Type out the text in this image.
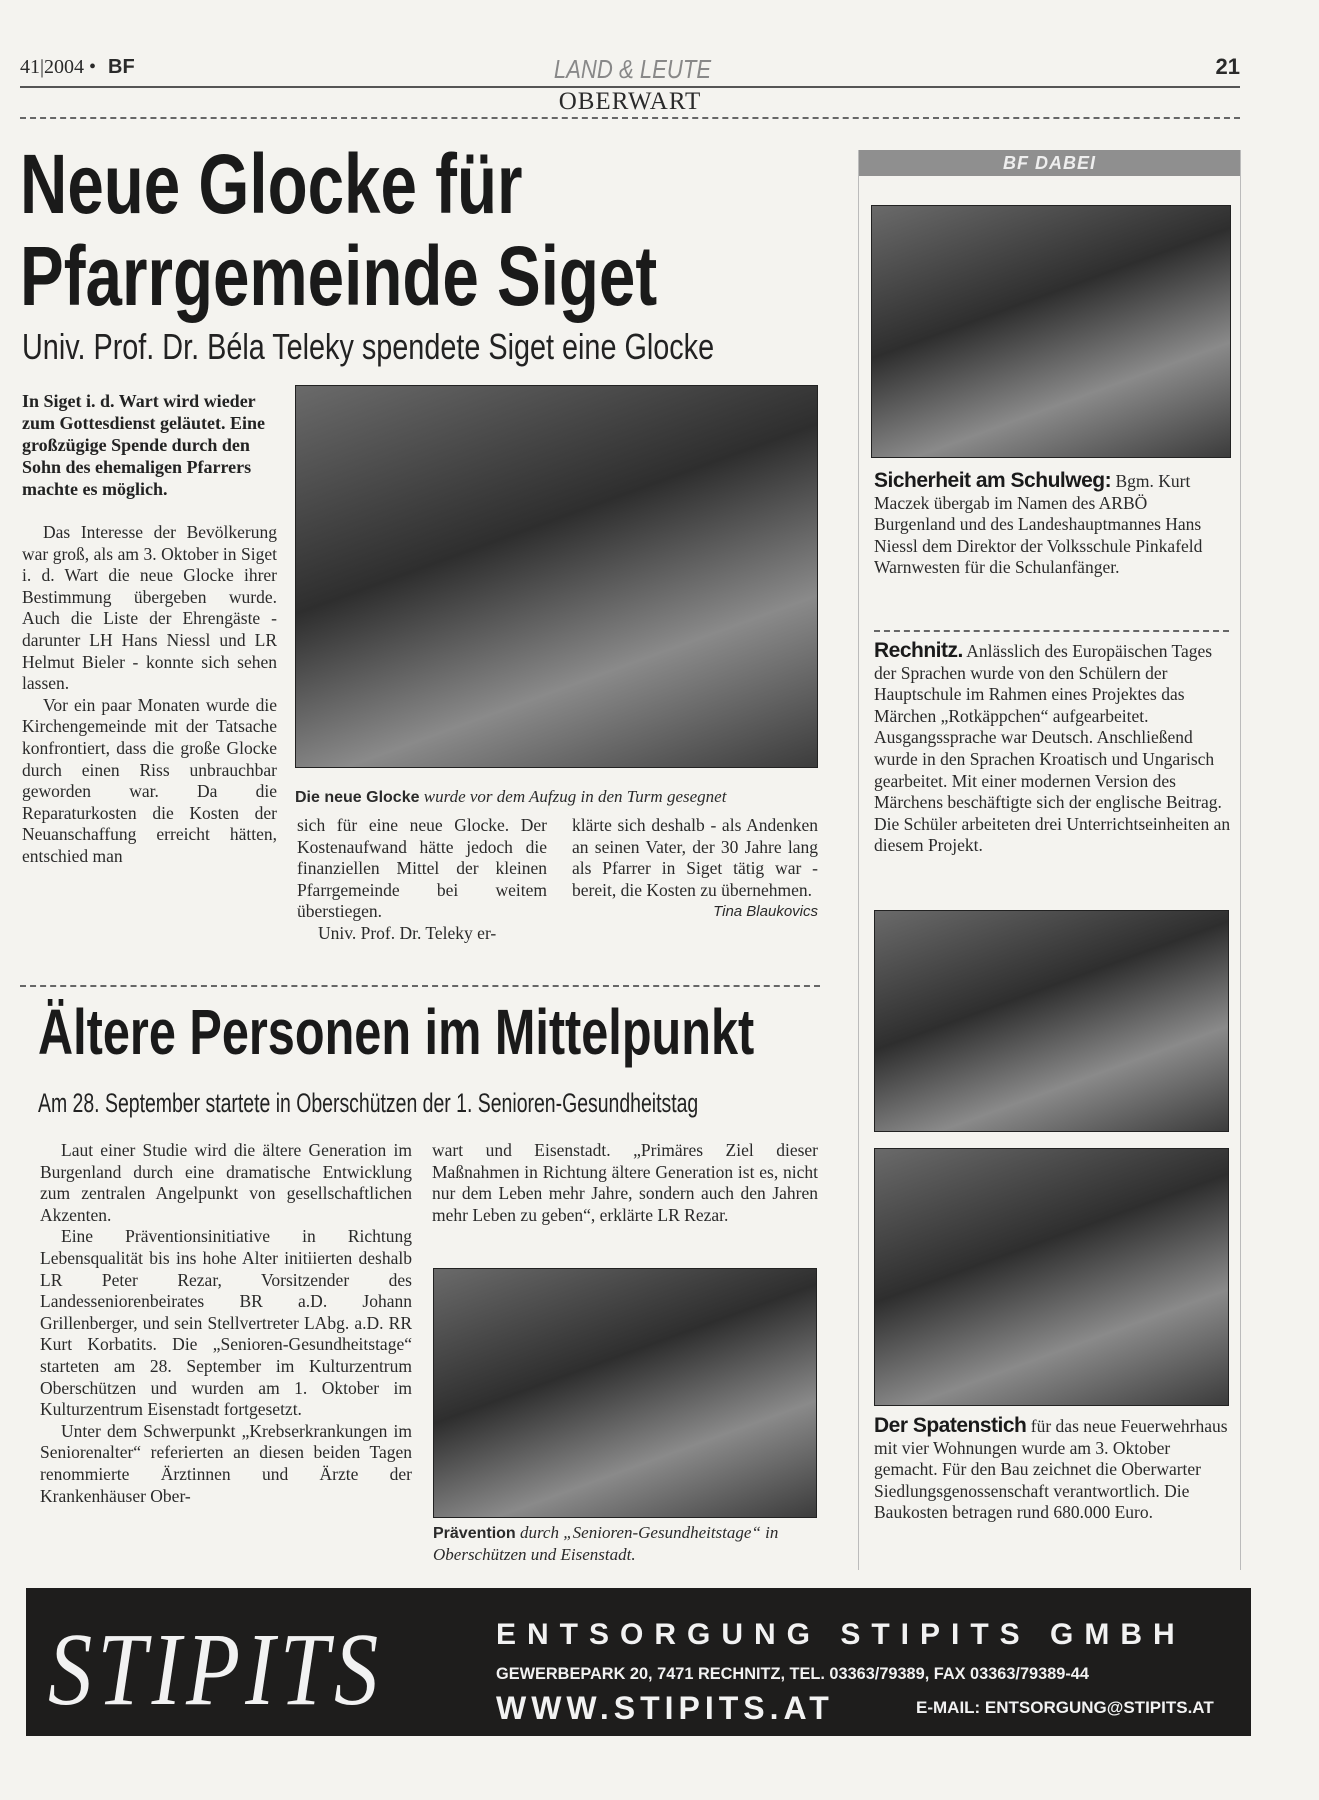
41|2004 • BF	LAND & LEUTE	21
OBERWART
Neue Glocke für
Pfarrgemeinde Siget
Univ. Prof. Dr. Béla Teleky spendete Siget eine Glocke

In Siget i. d. Wart wird wieder zum Gottesdienst geläutet. Eine großzügige Spende durch den Sohn des ehemaligen Pfarrers machte es möglich.

Das Interesse der Bevölkerung war groß, als am 3. Oktober in Siget i. d. Wart die neue Glocke ihrer Bestimmung übergeben wurde. Auch die Liste der Ehrengäste - darunter LH Hans Niessl und LR Helmut Bieler - konnte sich sehen lassen.

Vor ein paar Monaten wurde die Kirchengemeinde mit der Tatsache konfrontiert, dass die große Glocke durch einen Riss unbrauchbar geworden war. Da die Reparaturkosten die Kosten der Neuanschaffung erreicht hätten, entschied man

Die neue Glocke wurde vor dem Aufzug in den Turm gesegnet
sich für eine neue Glocke. Der Kostenaufwand hätte jedoch die finanziellen Mittel der kleinen Pfarrgemeinde bei weitem überstiegen.

Univ. Prof. Dr. Teleky er-

klärte sich deshalb - als Andenken an seinen Vater, der 30 Jahre lang als Pfarrer in Siget tätig war - bereit, die Kosten zu übernehmen.
Tina Blaukovics
Ältere Personen im Mittelpunkt
Am 28. September startete in Oberschützen der 1. Senioren-Gesundheitstag

Laut einer Studie wird die ältere Generation im Burgenland durch eine dramatische Entwicklung zum zentralen Angelpunkt von gesellschaftlichen Akzenten.

Eine Präventionsinitiative in Richtung Lebensqualität bis ins hohe Alter initiierten deshalb LR Peter Rezar, Vorsitzender des Landesseniorenbeirates BR a.D. Johann Grillenberger, und sein Stellvertreter LAbg. a.D. RR Kurt Korbatits. Die „Senioren-Gesundheitstage“ starteten am 28. September im Kulturzentrum Oberschützen und wurden am 1. Oktober im Kulturzentrum Eisenstadt fortgesetzt.

Unter dem Schwerpunkt „Krebserkrankungen im Seniorenalter“ referierten an diesen beiden Tagen renommierte Ärztinnen und Ärzte der Krankenhäuser Ober-

wart und Eisenstadt. „Primäres Ziel dieser Maßnahmen in Richtung ältere Generation ist es, nicht nur dem Leben mehr Jahre, sondern auch den Jahren mehr Leben zu geben“, erklärte LR Rezar.
Prävention durch „Senioren-Gesundheitstage“ in Oberschützen und Eisenstadt.
BF DABEI
Sicherheit am Schulweg: Bgm. Kurt Maczek übergab im Namen des ARBÖ Burgenland und des Landeshauptmannes Hans Niessl dem Direktor der Volksschule Pinkafeld Warnwesten für die Schulanfänger.
Rechnitz. Anlässlich des Europäischen Tages der Sprachen wurde von den Schülern der Hauptschule im Rahmen eines Projektes das Märchen „Rotkäppchen“ aufgearbeitet. Ausgangssprache war Deutsch. Anschließend wurde in den Sprachen Kroatisch und Ungarisch gearbeitet. Mit einer modernen Version des Märchens beschäftigte sich der englische Beitrag. Die Schüler arbeiteten drei Unterrichtseinheiten an diesem Projekt.
Der Spatenstich für das neue Feuerwehrhaus mit vier Wohnungen wurde am 3. Oktober gemacht. Für den Bau zeichnet die Oberwarter Siedlungsgenossenschaft verantwortlich. Die Baukosten betragen rund 680.000 Euro.
STIPITS	ENTSORGUNG STIPITS GMBH
GEWERBEPARK 20, 7471 RECHNITZ, TEL. 03363/79389, FAX 03363/79389-44
WWW.STIPITS.AT	E-MAIL: ENTSORGUNG@STIPITS.AT
